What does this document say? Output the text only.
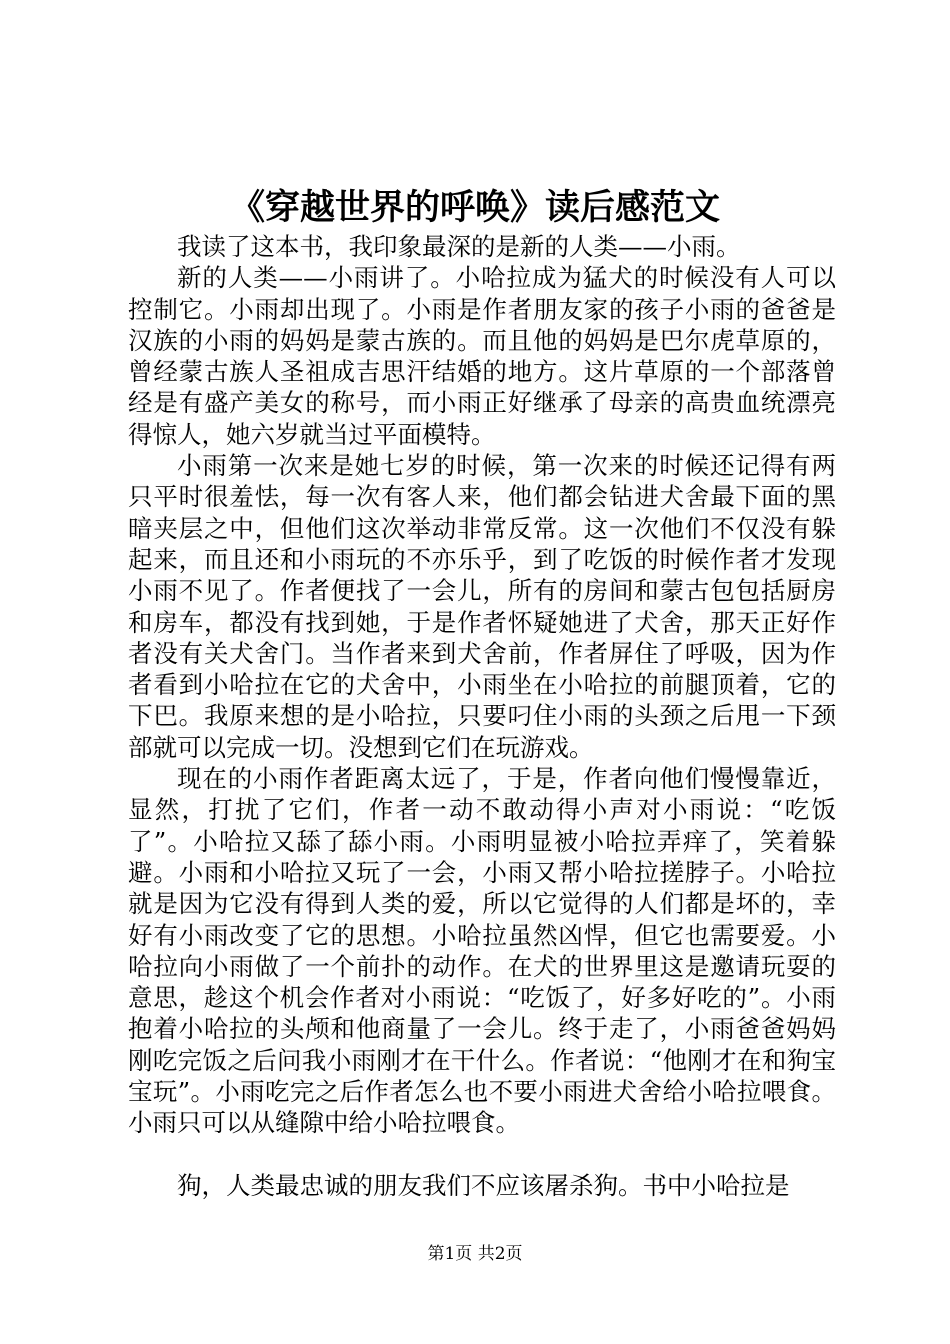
《穿越世界的呼唤》读后感范文

我读了这本书，我印象最深的是新的人类——小雨。

新的人类——小雨讲了。小哈拉成为猛犬的时候没有人可以控制它。小雨却出现了。小雨是作者朋友家的孩子小雨的爸爸是汉族的小雨的妈妈是蒙古族的。而且他的妈妈是巴尔虎草原的，曾经蒙古族人圣祖成吉思汗结婚的地方。这片草原的一个部落曾经是有盛产美女的称号，而小雨正好继承了母亲的高贵血统漂亮得惊人，她六岁就当过平面模特。

小雨第一次来是她七岁的时候，第一次来的时候还记得有两只平时很羞怯，每一次有客人来，他们都会钻进犬舍最下面的黑暗夹层之中，但他们这次举动非常反常。这一次他们不仅没有躲起来，而且还和小雨玩的不亦乐乎，到了吃饭的时候作者才发现小雨不见了。作者便找了一会儿，所有的房间和蒙古包包括厨房和房车，都没有找到她，于是作者怀疑她进了犬舍，那天正好作者没有关犬舍门。当作者来到犬舍前，作者屏住了呼吸，因为作者看到小哈拉在它的犬舍中，小雨坐在小哈拉的前腿顶着，它的下巴。我原来想的是小哈拉，只要叼住小雨的头颈之后甩一下颈部就可以完成一切。没想到它们在玩游戏。

现在的小雨作者距离太远了，于是，作者向他们慢慢靠近，显然，打扰了它们，作者一动不敢动得小声对小雨说：“吃饭了”。小哈拉又舔了舔小雨。小雨明显被小哈拉弄痒了，笑着躲避。小雨和小哈拉又玩了一会，小雨又帮小哈拉搓脖子。小哈拉就是因为它没有得到人类的爱，所以它觉得的人们都是坏的，幸好有小雨改变了它的思想。小哈拉虽然凶悍，但它也需要爱。小哈拉向小雨做了一个前扑的动作。在犬的世界里这是邀请玩耍的意思，趁这个机会作者对小雨说：“吃饭了，好多好吃的”。小雨抱着小哈拉的头颅和他商量了一会儿。终于走了，小雨爸爸妈妈刚吃完饭之后问我小雨刚才在干什么。作者说：“他刚才在和狗宝宝玩”。小雨吃完之后作者怎么也不要小雨进犬舍给小哈拉喂食。小雨只可以从缝隙中给小哈拉喂食。

狗，人类最忠诚的朋友我们不应该屠杀狗。书中小哈拉是

第1页 共2页
